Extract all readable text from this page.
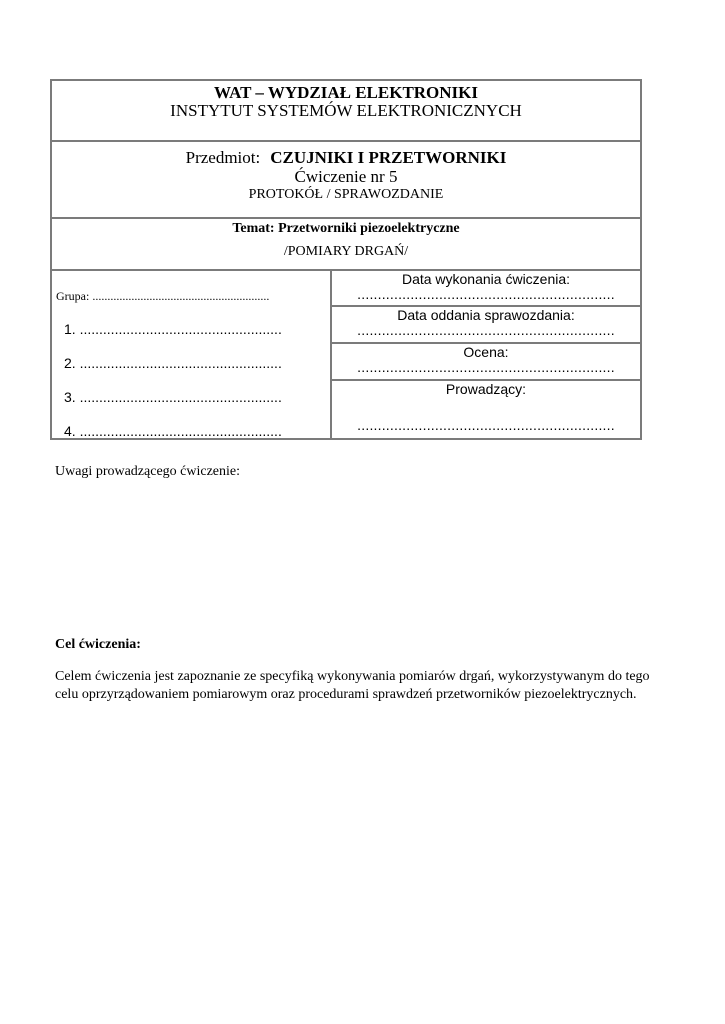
WAT – WYDZIAŁ ELEKTRONIKI
INSTYTUT SYSTEMÓW ELEKTRONICZNYCH
Przedmiot: CZUJNIKI I PRZETWORNIKI
Ćwiczenie nr 5
PROTOKÓŁ / SPRAWOZDANIE
Temat: Przetworniki piezoelektryczne
/POMIARY DRGAŃ/
Grupa: ...........................................................
1. ....................................................
2. ....................................................
3. ....................................................
4. ....................................................
Data wykonania ćwiczenia:
...............................................................
Data oddania sprawozdania:
...............................................................
Ocena:
...............................................................
Prowadzący:
...............................................................
Uwagi prowadzącego ćwiczenie:
Cel ćwiczenia:
Celem ćwiczenia jest zapoznanie ze specyfiką wykonywania pomiarów drgań, wykorzystywanym do tego
celu oprzyrządowaniem pomiarowym oraz procedurami sprawdzeń przetworników piezoelektrycznych.
